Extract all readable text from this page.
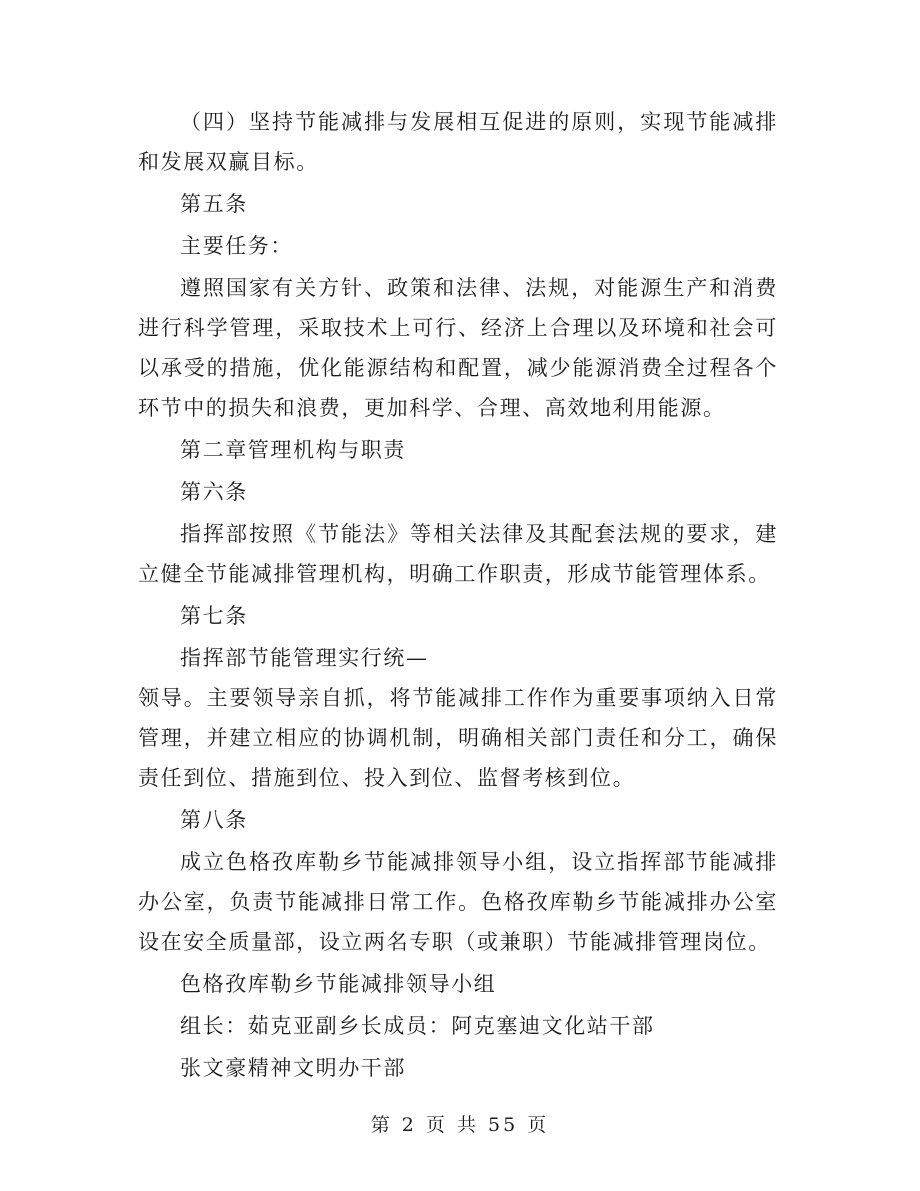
（四）坚持节能减排与发展相互促进的原则，实现节能减排和发展双赢目标。

第五条

主要任务：

遵照国家有关方针、政策和法律、法规，对能源生产和消费进行科学管理，采取技术上可行、经济上合理以及环境和社会可以承受的措施，优化能源结构和配置，减少能源消费全过程各个环节中的损失和浪费，更加科学、合理、高效地利用能源。

第二章管理机构与职责

第六条

指挥部按照《节能法》等相关法律及其配套法规的要求，建立健全节能减排管理机构，明确工作职责，形成节能管理体系。

第七条

指挥部节能管理实行统—

领导。主要领导亲自抓，将节能减排工作作为重要事项纳入日常管理，并建立相应的协调机制，明确相关部门责任和分工，确保责任到位、措施到位、投入到位、监督考核到位。

第八条

成立色格孜库勒乡节能减排领导小组，设立指挥部节能减排办公室，负责节能减排日常工作。色格孜库勒乡节能减排办公室设在安全质量部，设立两名专职（或兼职）节能减排管理岗位。

色格孜库勒乡节能减排领导小组

组长：茹克亚副乡长成员：阿克塞迪文化站干部

张文豪精神文明办干部

第 2 页 共 55 页
